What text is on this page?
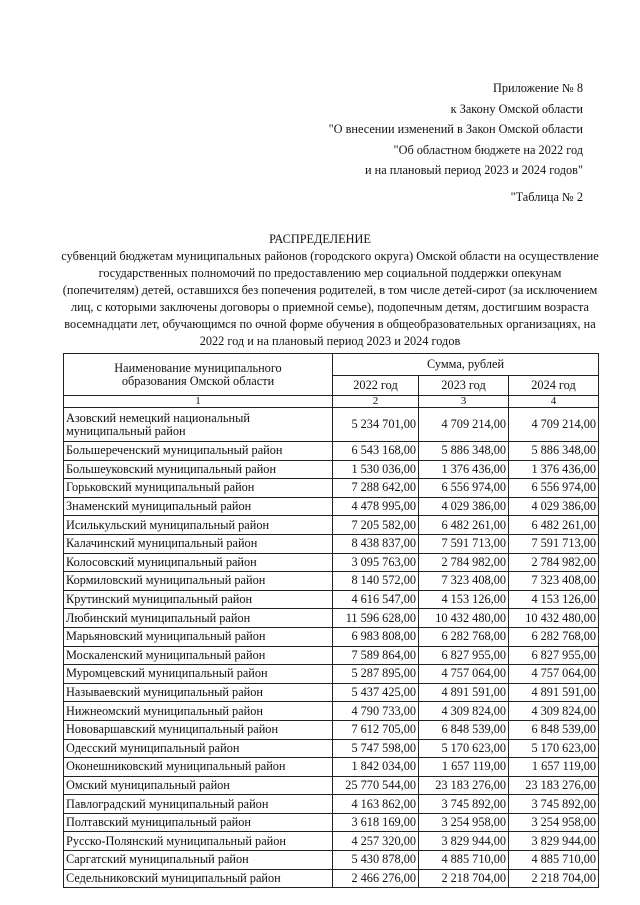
Приложение № 8
к Закону Омской области
"О внесении изменений в Закон Омской области
"Об областном бюджете на 2022 год
и на плановый период 2023 и 2024 годов"
"Таблица № 2
РАСПРЕДЕЛЕНИЕ
субвенций бюджетам муниципальных районов (городского округа) Омской области на осуществление государственных полномочий по предоставлению мер социальной поддержки опекунам (попечителям) детей, оставшихся без попечения родителей, в том числе детей-сирот (за исключением лиц, с которыми заключены договоры о приемной семье), подопечным детям, достигшим возраста восемнадцати лет, обучающимся по очной форме обучения в общеобразовательных организациях, на 2022 год и на плановый период 2023 и 2024 годов
Наименование муниципального образования Омской области	Сумма, рублей		
	2022 год	2023 год	2024 год
1	2	3	4
Азовский немецкий национальный муниципальный район	5 234 701,00	4 709 214,00	4 709 214,00
Большереченский муниципальный район	6 543 168,00	5 886 348,00	5 886 348,00
Большеуковский муниципальный район	1 530 036,00	1 376 436,00	1 376 436,00
Горьковский муниципальный район	7 288 642,00	6 556 974,00	6 556 974,00
Знаменский муниципальный район	4 478 995,00	4 029 386,00	4 029 386,00
Исилькульский муниципальный район	7 205 582,00	6 482 261,00	6 482 261,00
Калачинский муниципальный район	8 438 837,00	7 591 713,00	7 591 713,00
Колосовский муниципальный район	3 095 763,00	2 784 982,00	2 784 982,00
Кормиловский муниципальный район	8 140 572,00	7 323 408,00	7 323 408,00
Крутинский муниципальный район	4 616 547,00	4 153 126,00	4 153 126,00
Любинский муниципальный район	11 596 628,00	10 432 480,00	10 432 480,00
Марьяновский муниципальный район	6 983 808,00	6 282 768,00	6 282 768,00
Москаленский муниципальный район	7 589 864,00	6 827 955,00	6 827 955,00
Муромцевский муниципальный район	5 287 895,00	4 757 064,00	4 757 064,00
Называевский муниципальный район	5 437 425,00	4 891 591,00	4 891 591,00
Нижнеомский муниципальный район	4 790 733,00	4 309 824,00	4 309 824,00
Нововаршавский муниципальный район	7 612 705,00	6 848 539,00	6 848 539,00
Одесский муниципальный район	5 747 598,00	5 170 623,00	5 170 623,00
Оконешниковский муниципальный район	1 842 034,00	1 657 119,00	1 657 119,00
Омский муниципальный район	25 770 544,00	23 183 276,00	23 183 276,00
Павлоградский муниципальный район	4 163 862,00	3 745 892,00	3 745 892,00
Полтавский муниципальный район	3 618 169,00	3 254 958,00	3 254 958,00
Русско-Полянский муниципальный район	4 257 320,00	3 829 944,00	3 829 944,00
Саргатский муниципальный район	5 430 878,00	4 885 710,00	4 885 710,00
Седельниковский муниципальный район	2 466 276,00	2 218 704,00	2 218 704,00
